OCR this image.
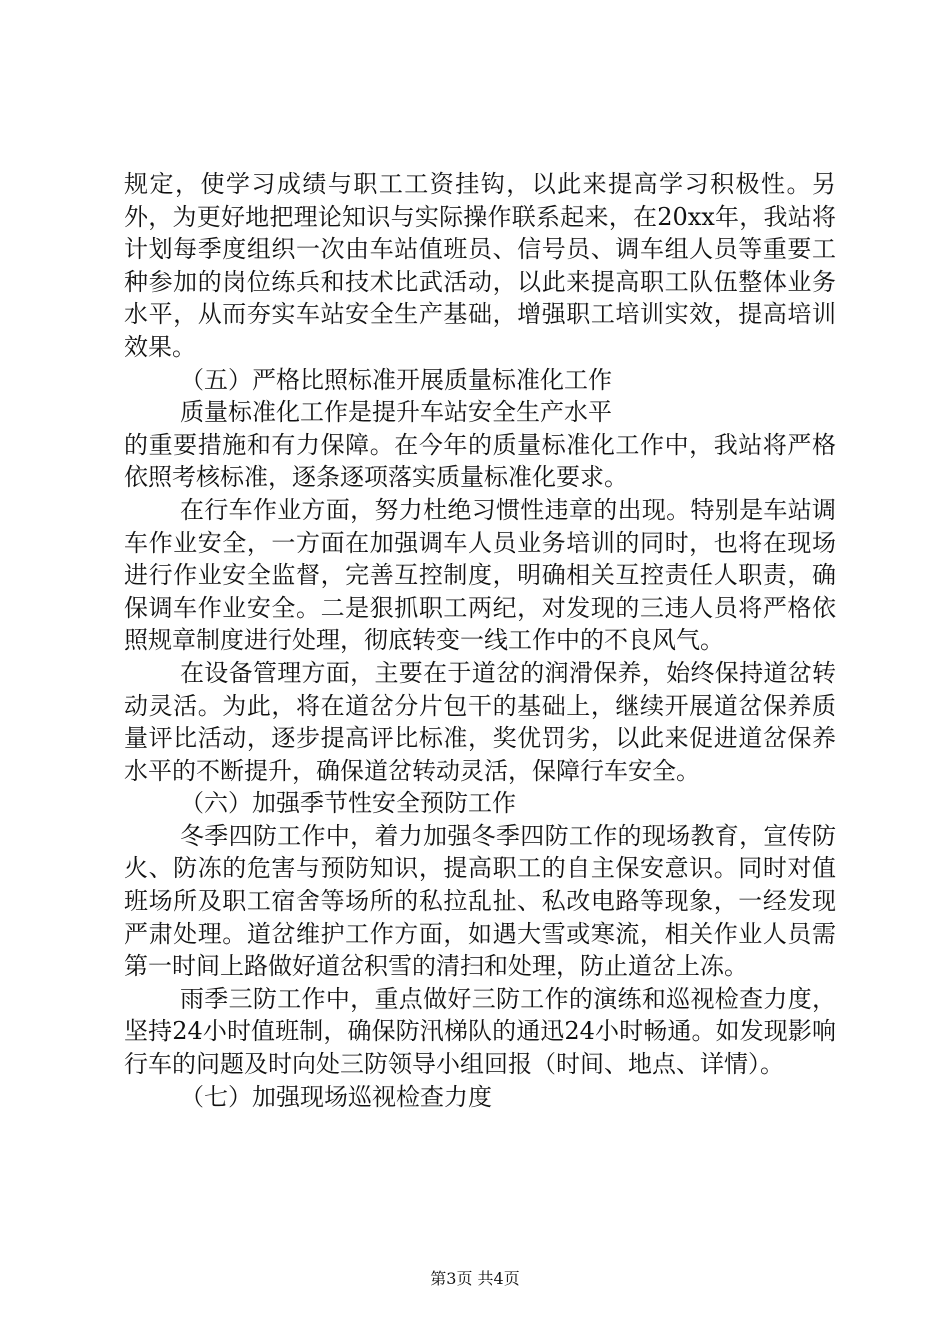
规定，使学习成绩与职工工资挂钩，以此来提高学习积极性。另外，为更好地把理论知识与实际操作联系起来，在20xx年，我站将计划每季度组织一次由车站值班员、信号员、调车组人员等重要工种参加的岗位练兵和技术比武活动，以此来提高职工队伍整体业务水平，从而夯实车站安全生产基础，增强职工培训实效，提高培训效果。

（五）严格比照标准开展质量标准化工作

质量标准化工作是提升车站安全生产水平

的重要措施和有力保障。在今年的质量标准化工作中，我站将严格依照考核标准，逐条逐项落实质量标准化要求。

在行车作业方面，努力杜绝习惯性违章的出现。特别是车站调车作业安全，一方面在加强调车人员业务培训的同时，也将在现场进行作业安全监督，完善互控制度，明确相关互控责任人职责，确保调车作业安全。二是狠抓职工两纪，对发现的三违人员将严格依照规章制度进行处理，彻底转变一线工作中的不良风气。

在设备管理方面，主要在于道岔的润滑保养，始终保持道岔转动灵活。为此，将在道岔分片包干的基础上，继续开展道岔保养质量评比活动，逐步提高评比标准，奖优罚劣，以此来促进道岔保养水平的不断提升，确保道岔转动灵活，保障行车安全。

（六）加强季节性安全预防工作

冬季四防工作中，着力加强冬季四防工作的现场教育，宣传防火、防冻的危害与预防知识，提高职工的自主保安意识。同时对值班场所及职工宿舍等场所的私拉乱扯、私改电路等现象，一经发现严肃处理。道岔维护工作方面，如遇大雪或寒流，相关作业人员需第一时间上路做好道岔积雪的清扫和处理，防止道岔上冻。

雨季三防工作中，重点做好三防工作的演练和巡视检查力度，坚持24小时值班制，确保防汛梯队的通迅24小时畅通。如发现影响行车的问题及时向处三防领导小组回报（时间、地点、详情）。

（七）加强现场巡视检查力度

第3页 共4页
